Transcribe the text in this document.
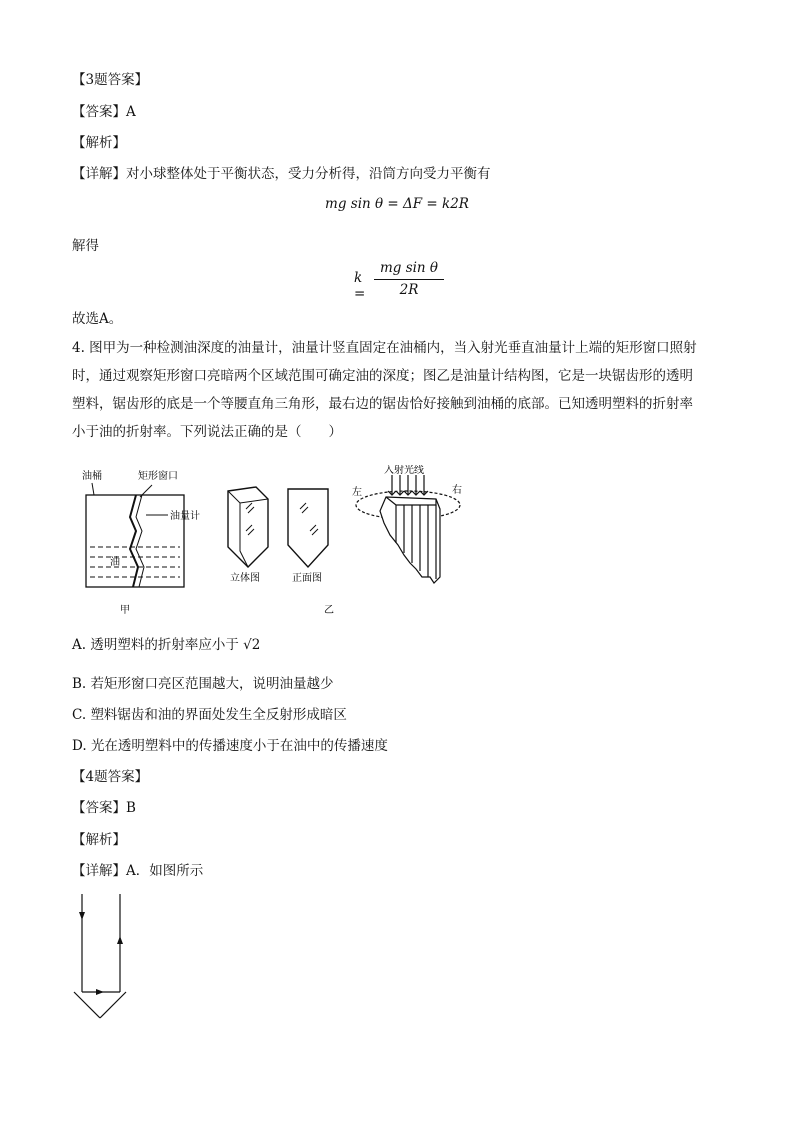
【3题答案】
【答案】A
【解析】
【详解】对小球整体处于平衡状态，受力分析得，沿筒方向受力平衡有
mg sin θ = ΔF = k2R
解得
k =
mg sin θ
2R
故选A。
4. 图甲为一种检测油深度的油量计，油量计竖直固定在油桶内，当入射光垂直油量计上端的矩形窗口照射
时，通过观察矩形窗口亮暗两个区域范围可确定油的深度；图乙是油量计结构图，它是一块锯齿形的透明
塑料，锯齿形的底是一个等腰直角三角形，最右边的锯齿恰好接触到油桶的底部。已知透明塑料的折射率
小于油的折射率。下列说法正确的是（　　）
油桶	矩形窗口
油量计
油
甲
立体图	正面图
乙
入射光线
左	右
A. 透明塑料的折射率应小于 √2
B. 若矩形窗口亮区范围越大，说明油量越少
C. 塑料锯齿和油的界面处发生全反射形成暗区
D. 光在透明塑料中的传播速度小于在油中的传播速度
【4题答案】
【答案】B
【解析】
【详解】A．如图所示
